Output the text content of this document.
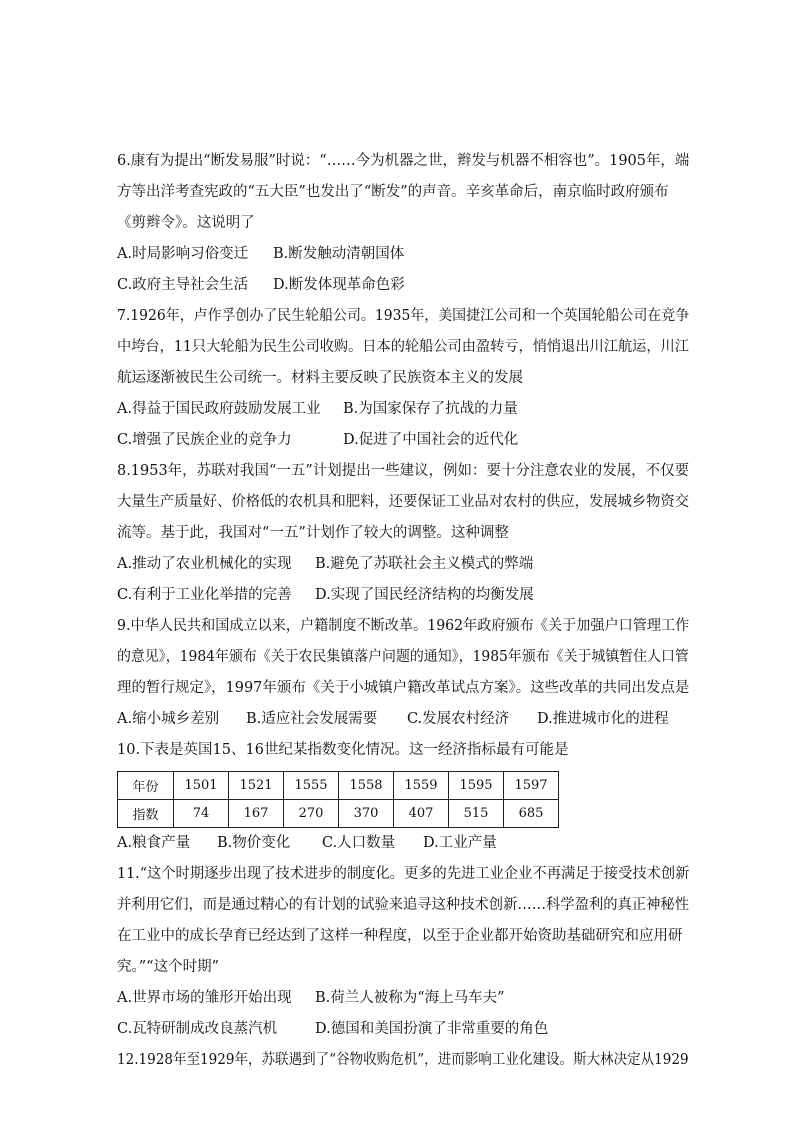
6.康有为提出“断发易服”时说：“……今为机器之世，辫发与机器不相容也”。1905年，端
方等出洋考查宪政的“五大臣”也发出了“断发”的声音。辛亥革命后，南京临时政府颁布
《剪辫令》。这说明了
A.时局影响习俗变迁 B.断发触动清朝国体
C.政府主导社会生活 D.断发体现革命色彩
7.1926年，卢作孚创办了民生轮船公司。1935年，美国捷江公司和一个英国轮船公司在竞争
中垮台，11只大轮船为民生公司收购。日本的轮船公司由盈转亏，悄悄退出川江航运，川江
航运逐渐被民生公司统一。材料主要反映了民族资本主义的发展
A.得益于国民政府鼓励发展工业 B.为国家保存了抗战的力量
C.增强了民族企业的竞争力	D.促进了中国社会的近代化
8.1953年，苏联对我国“一五”计划提出一些建议，例如：要十分注意农业的发展，不仅要
大量生产质量好、价格低的农机具和肥料，还要保证工业品对农村的供应，发展城乡物资交
流等。基于此，我国对“一五”计划作了较大的调整。这种调整
A.推动了农业机械化的实现 B.避免了苏联社会主义模式的弊端
C.有利于工业化举措的完善 D.实现了国民经济结构的均衡发展
9.中华人民共和国成立以来，户籍制度不断改革。1962年政府颁布《关于加强户口管理工作
的意见》，1984年颁布《关于农民集镇落户问题的通知》，1985年颁布《关于城镇暂住人口管
理的暂行规定》，1997年颁布《关于小城镇户籍改革试点方案》。这些改革的共同出发点是
A.缩小城乡差别 B.适应社会发展需要 C.发展农村经济 D.推进城市化的进程
10.下表是英国15、16世纪某指数变化情况。这一经济指标最有可能是
年份	1501	1521	1555	1558	1559	1595	1597
指数	74	167	270	370	407	515	685
A.粮食产量 B.物价变化 C.人口数量 D.工业产量
11.“这个时期逐步出现了技术进步的制度化。更多的先进工业企业不再满足于接受技术创新
并利用它们，而是通过精心的有计划的试验来追寻这种技术创新……科学盈利的真正神秘性
在工业中的成长孕育已经达到了这样一种程度，以至于企业都开始资助基础研究和应用研
究。”“这个时期”
A.世界市场的雏形开始出现 B.荷兰人被称为“海上马车夫”
C.瓦特研制成改良蒸汽机	D.德国和美国扮演了非常重要的角色
12.1928年至1929年，苏联遇到了“谷物收购危机”，进而影响工业化建设。斯大林决定从1929
